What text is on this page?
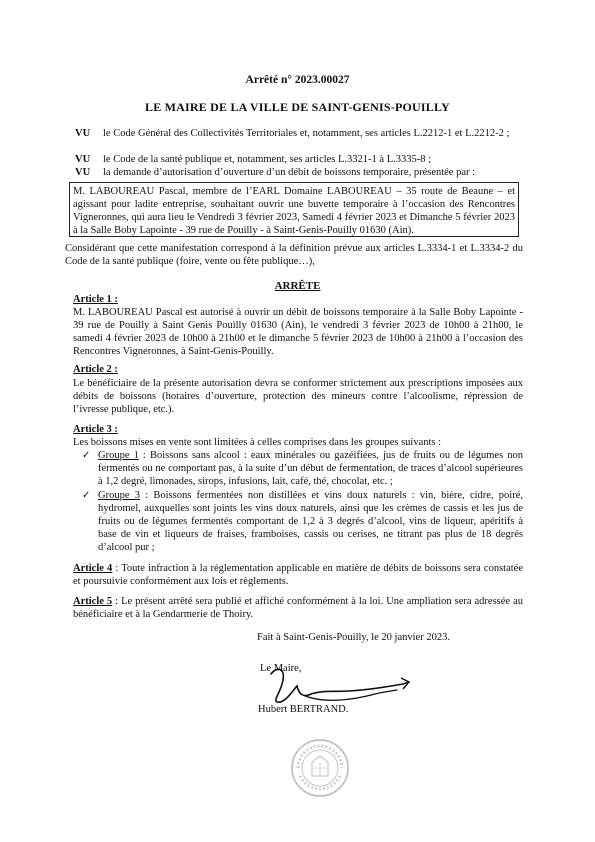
Arrêté n° 2023.00027
LE MAIRE DE LA VILLE DE SAINT-GENIS-POUILLY
VU le Code Général des Collectivités Territoriales et, notamment, ses articles L.2212-1 et L.2212-2 ;
VU le Code de la santé publique et, notamment, ses articles L.3321-1 à L.3335-8 ;
VU la demande d’autorisation d’ouverture d’un débit de boissons temporaire, présentée par :
M. LABOUREAU Pascal, membre de l’EARL Domaine LABOUREAU – 35 route de Beaune – et agissant pour ladite entreprise, souhaitant ouvrir une buvette temporaire à l’occasion des Rencontres Vigneronnes, qui aura lieu le Vendredi 3 février 2023, Samedi 4 février 2023 et Dimanche 5 février 2023 à la Salle Boby Lapointe - 39 rue de Pouilly - à Saint-Genis-Pouilly 01630 (Ain).
Considérant que cette manifestation correspond à la définition prévue aux articles L.3334-1 et L.3334-2 du Code de la santé publique (foire, vente ou fête publique…),
ARRÊTE
Article 1 :
M. LABOUREAU Pascal est autorisé à ouvrir un débit de boissons temporaire à la Salle Boby Lapointe - 39 rue de Pouilly à Saint Genis Pouilly 01630 (Ain), le vendredi 3 février 2023 de 10h00 à 21h00, le samedi 4 février 2023 de 10h00 à 21h00 et le dimanche 5 février 2023 de 10h00 à 21h00 à l’occasion des Rencontres Vigneronnes, à Saint-Genis-Pouilly.
Article 2 :
Le bénéficiaire de la présente autorisation devra se conformer strictement aux prescriptions imposées aux débits de boissons (horaires d’ouverture, protection des mineurs contre l’alcoolisme, répression de l’ivresse publique, etc.).
Article 3 :
Les boissons mises en vente sont limitées à celles comprises dans les groupes suivants :
✓ Groupe 1 : Boissons sans alcool : eaux minérales ou gazéifiées, jus de fruits ou de légumes non fermentés ou ne comportant pas, à la suite d’un début de fermentation, de traces d’alcool supérieures à 1,2 degré, limonades, sirops, infusions, lait, café, thé, chocolat, etc. ;
✓ Groupe 3 : Boissons fermentées non distillées et vins doux naturels : vin, bière, cidre, poiré, hydromel, auxquelles sont joints les vins doux naturels, ainsi que les crèmes de cassis et les jus de fruits ou de légumes fermentés comportant de 1,2 à 3 degrés d’alcool, vins de liqueur, apéritifs à base de vin et liqueurs de fraises, framboises, cassis ou cerises, ne titrant pas plus de 18 degrés d’alcool pur ;
Article 4 : Toute infraction à la réglementation applicable en matière de débits de boissons sera constatée et poursuivie conformément aux lois et règlements.
Article 5 : Le présent arrêté sera publié et affiché conformément à la loi. Une ampliation sera adressée au bénéficiaire et à la Gendarmerie de Thoiry.
Fait à Saint-Genis-Pouilly, le 20 janvier 2023.
Le Maire,
Hubert BERTRAND.
